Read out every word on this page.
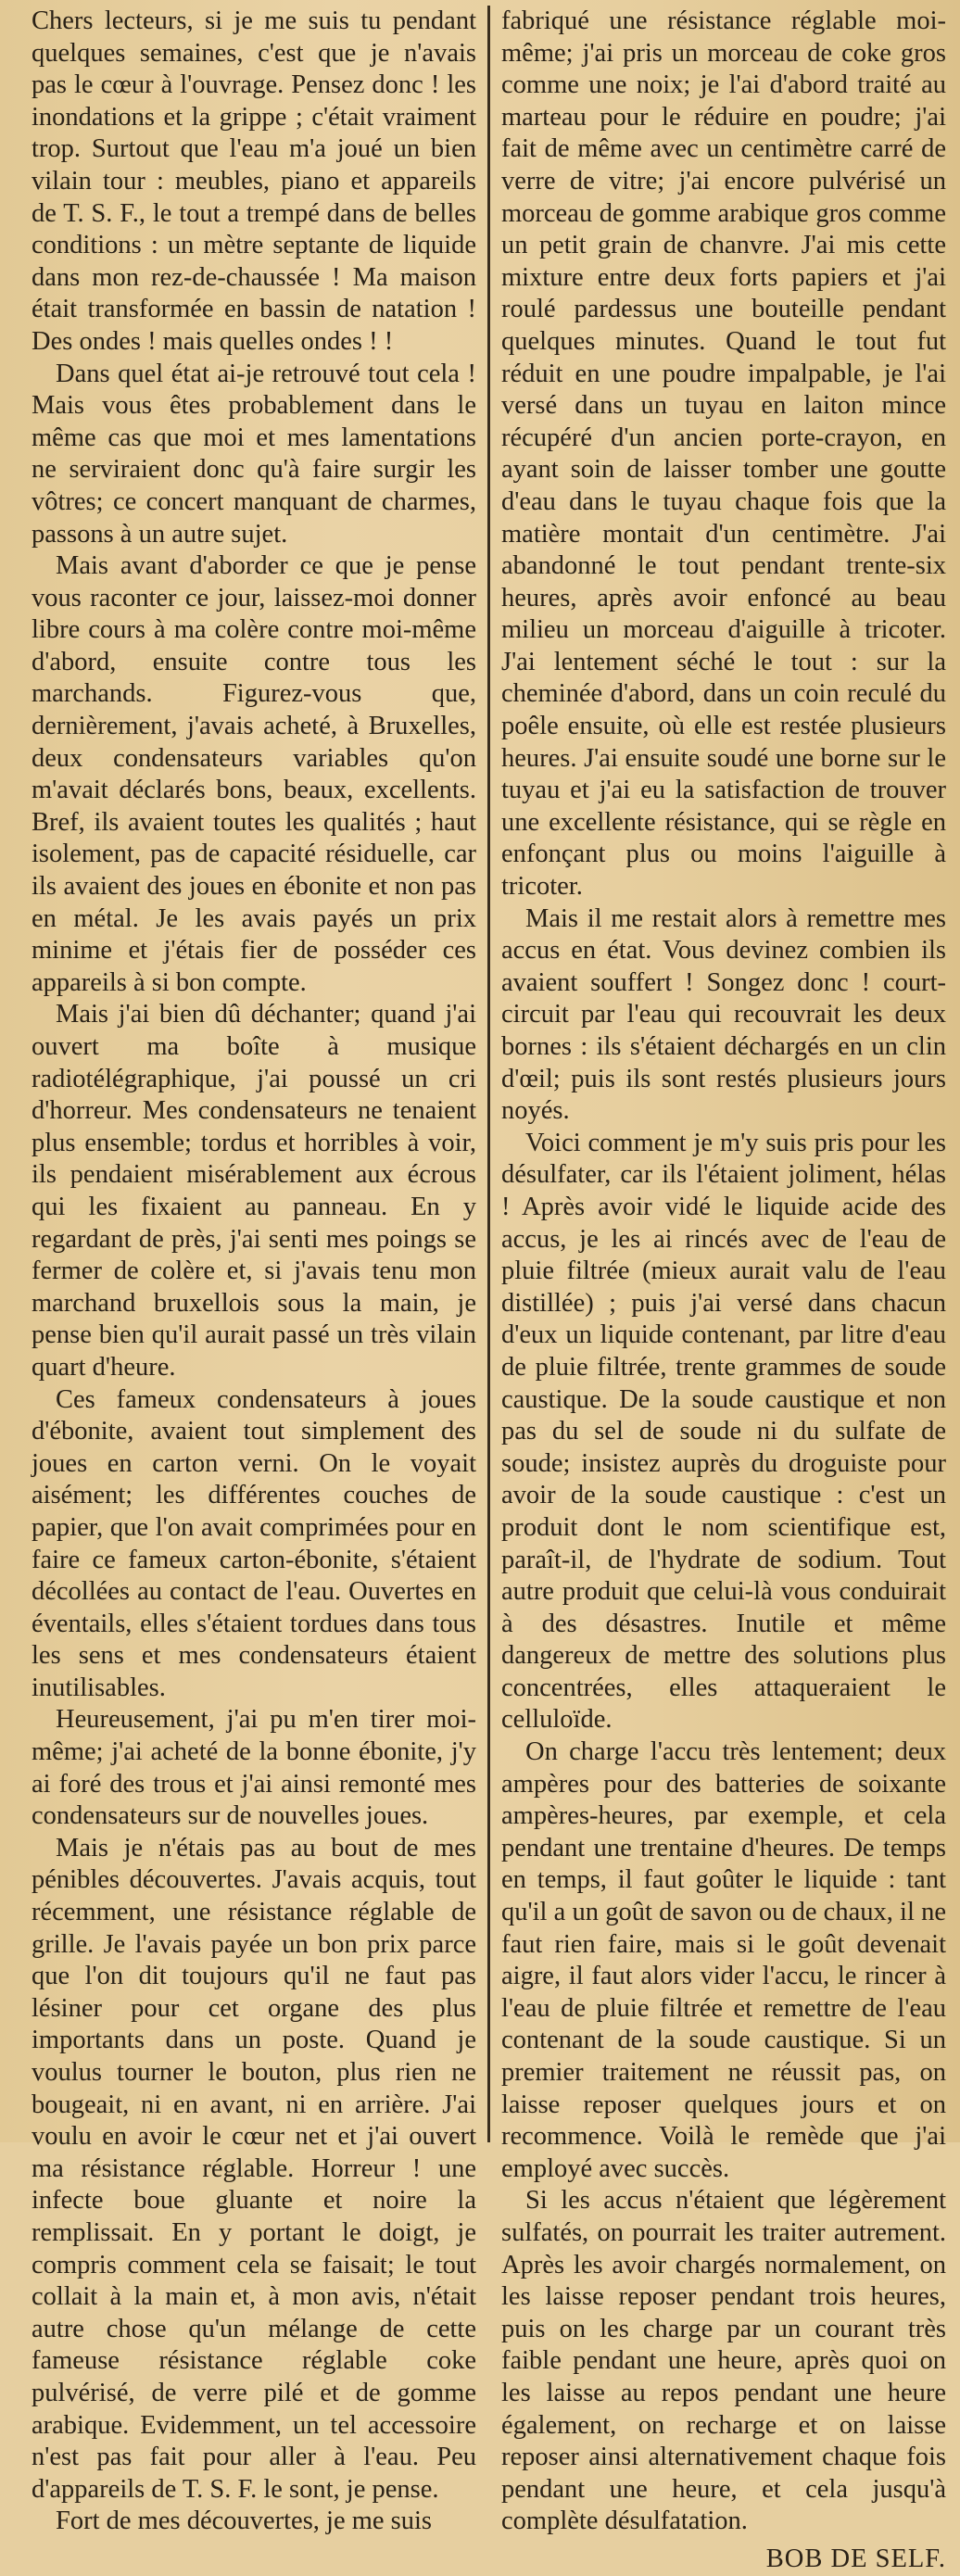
Chers lecteurs, si je me suis tu pendant quelques semaines, c'est que je n'avais pas le cœur à l'ouvrage. Pensez donc ! les inondations et la grippe ; c'était vraiment trop. Surtout que l'eau m'a joué un bien vilain tour : meubles, piano et appareils de T. S. F., le tout a trempé dans de belles conditions : un mètre septante de liquide dans mon rez-de-chaussée ! Ma maison était transformée en bassin de natation ! Des ondes ! mais quelles ondes ! !

Dans quel état ai-je retrouvé tout cela ! Mais vous êtes probablement dans le même cas que moi et mes lamentations ne serviraient donc qu'à faire surgir les vôtres; ce concert manquant de charmes, passons à un autre sujet.

Mais avant d'aborder ce que je pense vous raconter ce jour, laissez-moi donner libre cours à ma colère contre moi-même d'abord, ensuite contre tous les marchands. Figurez-vous que, dernièrement, j'avais acheté, à Bruxelles, deux condensateurs variables qu'on m'avait déclarés bons, beaux, excellents. Bref, ils avaient toutes les qualités ; haut isolement, pas de capacité résiduelle, car ils avaient des joues en ébonite et non pas en métal. Je les avais payés un prix minime et j'étais fier de posséder ces appareils à si bon compte.

Mais j'ai bien dû déchanter; quand j'ai ouvert ma boîte à musique radiotélégraphique, j'ai poussé un cri d'horreur. Mes condensateurs ne tenaient plus ensemble; tordus et horribles à voir, ils pendaient misérablement aux écrous qui les fixaient au panneau. En y regardant de près, j'ai senti mes poings se fermer de colère et, si j'avais tenu mon marchand bruxellois sous la main, je pense bien qu'il aurait passé un très vilain quart d'heure.

Ces fameux condensateurs à joues d'ébonite, avaient tout simplement des joues en carton verni. On le voyait aisément; les différentes couches de papier, que l'on avait comprimées pour en faire ce fameux carton-ébonite, s'étaient décollées au contact de l'eau. Ouvertes en éventails, elles s'étaient tordues dans tous les sens et mes condensateurs étaient inutilisables.

Heureusement, j'ai pu m'en tirer moi-même; j'ai acheté de la bonne ébonite, j'y ai foré des trous et j'ai ainsi remonté mes condensateurs sur de nouvelles joues.

Mais je n'étais pas au bout de mes pénibles découvertes. J'avais acquis, tout récemment, une résistance réglable de grille. Je l'avais payée un bon prix parce que l'on dit toujours qu'il ne faut pas lésiner pour cet organe des plus importants dans un poste. Quand je voulus tourner le bouton, plus rien ne bougeait, ni en avant, ni en arrière. J'ai voulu en avoir le cœur net et j'ai ouvert ma résistance réglable. Horreur ! une infecte boue gluante et noire la remplissait. En y portant le doigt, je compris comment cela se faisait; le tout collait à la main et, à mon avis, n'était autre chose qu'un mélange de cette fameuse résistance réglable coke pulvérisé, de verre pilé et de gomme arabique. Evidemment, un tel accessoire n'est pas fait pour aller à l'eau. Peu d'appareils de T. S. F. le sont, je pense.

Fort de mes découvertes, je me suis

fabriqué une résistance réglable moi-même; j'ai pris un morceau de coke gros comme une noix; je l'ai d'abord traité au marteau pour le réduire en poudre; j'ai fait de même avec un centimètre carré de verre de vitre; j'ai encore pulvérisé un morceau de gomme arabique gros comme un petit grain de chanvre. J'ai mis cette mixture entre deux forts papiers et j'ai roulé pardessus une bouteille pendant quelques minutes. Quand le tout fut réduit en une poudre impalpable, je l'ai versé dans un tuyau en laiton mince récupéré d'un ancien porte-crayon, en ayant soin de laisser tomber une goutte d'eau dans le tuyau chaque fois que la matière montait d'un centimètre. J'ai abandonné le tout pendant trente-six heures, après avoir enfoncé au beau milieu un morceau d'aiguille à tricoter. J'ai lentement séché le tout : sur la cheminée d'abord, dans un coin reculé du poêle ensuite, où elle est restée plusieurs heures. J'ai ensuite soudé une borne sur le tuyau et j'ai eu la satisfaction de trouver une excellente résistance, qui se règle en enfonçant plus ou moins l'aiguille à tricoter.

Mais il me restait alors à remettre mes accus en état. Vous devinez combien ils avaient souffert ! Songez donc ! court-circuit par l'eau qui recouvrait les deux bornes : ils s'étaient déchargés en un clin d'œil; puis ils sont restés plusieurs jours noyés.

Voici comment je m'y suis pris pour les désulfater, car ils l'étaient joliment, hélas ! Après avoir vidé le liquide acide des accus, je les ai rincés avec de l'eau de pluie filtrée (mieux aurait valu de l'eau distillée) ; puis j'ai versé dans chacun d'eux un liquide contenant, par litre d'eau de pluie filtrée, trente grammes de soude caustique. De la soude caustique et non pas du sel de soude ni du sulfate de soude; insistez auprès du droguiste pour avoir de la soude caustique : c'est un produit dont le nom scientifique est, paraît-il, de l'hydrate de sodium. Tout autre produit que celui-là vous conduirait à des désastres. Inutile et même dangereux de mettre des solutions plus concentrées, elles attaqueraient le celluloïde.

On charge l'accu très lentement; deux ampères pour des batteries de soixante ampères-heures, par exemple, et cela pendant une trentaine d'heures. De temps en temps, il faut goûter le liquide : tant qu'il a un goût de savon ou de chaux, il ne faut rien faire, mais si le goût devenait aigre, il faut alors vider l'accu, le rincer à l'eau de pluie filtrée et remettre de l'eau contenant de la soude caustique. Si un premier traitement ne réussit pas, on laisse reposer quelques jours et on recommence. Voilà le remède que j'ai employé avec succès.

Si les accus n'étaient que légèrement sulfatés, on pourrait les traiter autrement. Après les avoir chargés normalement, on les laisse reposer pendant trois heures, puis on les charge par un courant très faible pendant une heure, après quoi on les laisse au repos pendant une heure également, on recharge et on laisse reposer ainsi alternativement chaque fois pendant une heure, et cela jusqu'à complète désulfatation.

BOB DE SELF.
